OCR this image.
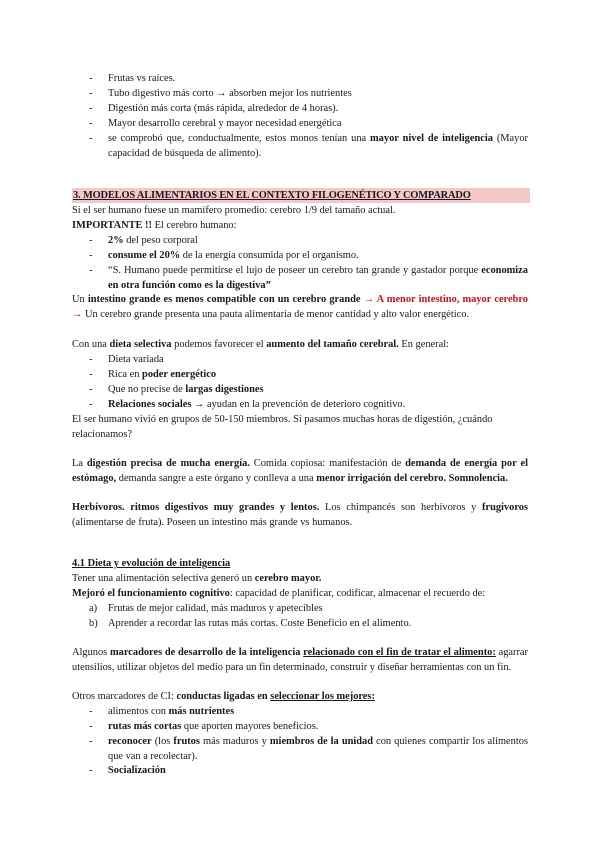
- Frutas vs raíces.
- Tubo digestivo más corto → absorben mejor los nutrientes
- Digestión más corta (más rápida, alrededor de 4 horas).
- Mayor desarrollo cerebral y mayor necesidad energética
- se comprobó que, conductualmente, estos monos tenían una mayor nivel de inteligencia (Mayor capacidad de búsqueda de alimento).
3. MODELOS ALIMENTARIOS EN EL CONTEXTO FILOGENÉTICO Y COMPARADO
Si el ser humano fuese un mamífero promedio: cerebro 1/9 del tamaño actual.
IMPORTANTE !! El cerebro humano:
- 2% del peso corporal
- consume el 20% de la energía consumida por el organismo.
- “S. Humano puede permitirse el lujo de poseer un cerebro tan grande y gastador porque economiza en otra función como es la digestiva”
Un intestino grande es menos compatible con un cerebro grande → A menor intestino, mayor cerebro → Un cerebro grande presenta una pauta alimentaria de menor cantidad y alto valor energético.
Con una dieta selectiva podemos favorecer el aumento del tamaño cerebral. En general:
- Dieta variada
- Rica en poder energético
- Que no precise de largas digestiones
- Relaciones sociales → ayudan en la prevención de deterioro cognitivo.
El ser humano vivió en grupos de 50-150 miembros. Si pasamos muchas horas de digestión, ¿cuándo relacionamos?
La digestión precisa de mucha energía. Comida copiosa: manifestación de demanda de energía por el estómago, demanda sangre a este órgano y conlleva a una menor irrigación del cerebro. Somnolencia.
Herbívoros. ritmos digestivos muy grandes y lentos. Los chimpancés son herbívoros y frugívoros (alimentarse de fruta). Poseen un intestino más grande vs humanos.
4.1 Dieta y evolución de inteligencia
Tener una alimentación selectiva generó un cerebro mayor.
Mejoró el funcionamiento cognitivo: capacidad de planificar, codificar, almacenar el recuerdo de:
a) Frutas de mejor calidad, más maduros y apetecibles
b) Aprender a recordar las rutas más cortas. Coste Beneficio en el alimento.
Algunos marcadores de desarrollo de la inteligencia relacionado con el fin de tratar el alimento: agarrar utensilios, utilizar objetos del medio para un fin determinado, construir y diseñar herramientas con un fin.
Otros marcadores de CI: conductas ligadas en seleccionar los mejores:
- alimentos con más nutrientes
- rutas más cortas que aporten mayores beneficios.
- reconocer (los frutos más maduros y miembros de la unidad con quienes compartir los alimentos que van a recolectar).
- Socialización
